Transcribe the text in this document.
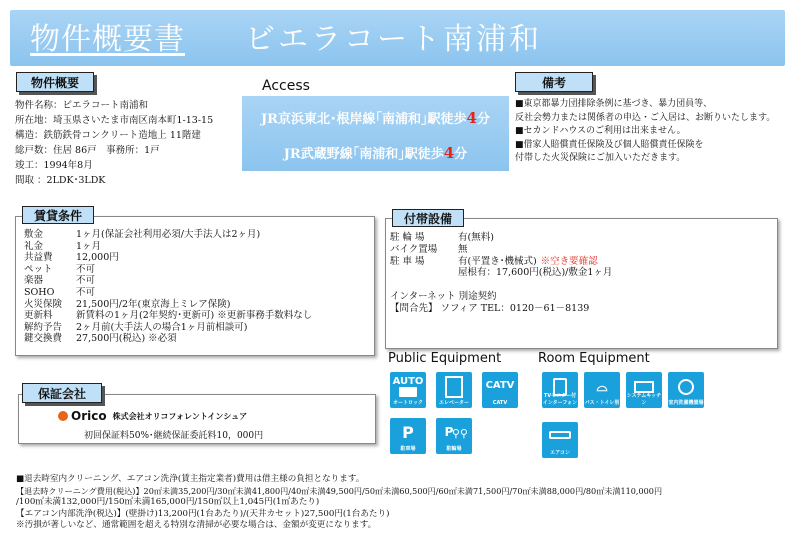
物件概要書 ビエラコート南浦和
物件概要
物件名称：ビエラコート南浦和
所在地：埼玉県さいたま市南区南本町1-13-15
構造：鉄筋鉄骨コンクリート造地上 11階建
総戸数：住居 86戸　事務所：1戸
竣工：1994年8月
間取 ：2LDK･3LDK
Access
JR京浜東北･根岸線｢南浦和｣駅徒歩4分
JR武蔵野線｢南浦和｣駅徒歩4分
備考
■東京都暴力団排除条例に基づき、暴力団員等、
反社会勢力または関係者の申込・ご入居は、お断りいたします。
■セカンドハウスのご利用は出来ません。
■借家人賠償責任保険及び個人賠償責任保険を
付帯した火災保険にご加入いただきます。
賃貸条件
敷金	1ヶ月(保証会社利用必須/大手法人は2ヶ月)
礼金	1ヶ月
共益費	12,000円
ペット	不可
楽器	不可
SOHO	不可
火災保険	21,500円/2年(東京海上ミレア保険)
更新料	新賃料の1ヶ月(2年契約･更新可) ※更新事務手数料なし
解約予告	2ヶ月前(大手法人の場合1ヶ月前相談可)
鍵交換費	27,500円(税込) ※必須
付帯設備
駐 輪 場	有(無料)
バイク置場	無
駐 車 場	有(平置き･機械式) ※空き要確認
屋根有：17,600円(税込)/敷金1ヶ月
インターネット 別途契約
【問合先】 ソフィア TEL：0120－61－8139
保証会社
Orico 株式会社オリコフォレントインシュア
初回保証料50%･継続保証委託料10，000円
Public Equipment
AUTO
オートロック	エレベーター
CATV
CATV
P
駐車場
P
⚲⚲
駐輪場
Room Equipment
TVモニター付インターフォン
⌓
バス・トイレ別
システムキッチン	室内洗濯機置場
エアコン
■退去時室内クリーニング、エアコン洗浄(賃主指定業者)費用は借主様の負担となります。
【退去時クリーニング費用(税込)】20㎡未満35,200円/30㎡未満41,800円/40㎡未満49,500円/50㎡未満60,500円/60㎡未満71,500円/70㎡未満88,000円/80㎡未満110,000円
/100㎡未満132,000円/150㎡未満165,000円/150㎡以上1,045円(1㎡あたり)
【エアコン内部洗浄(税込)】(壁掛け)13,200円(1台あたり)/(天井カセット)27,500円(1台あたり)
※汚損が著しいなど、通常範囲を超える特別な清掃が必要な場合は、金額が変更になります。
